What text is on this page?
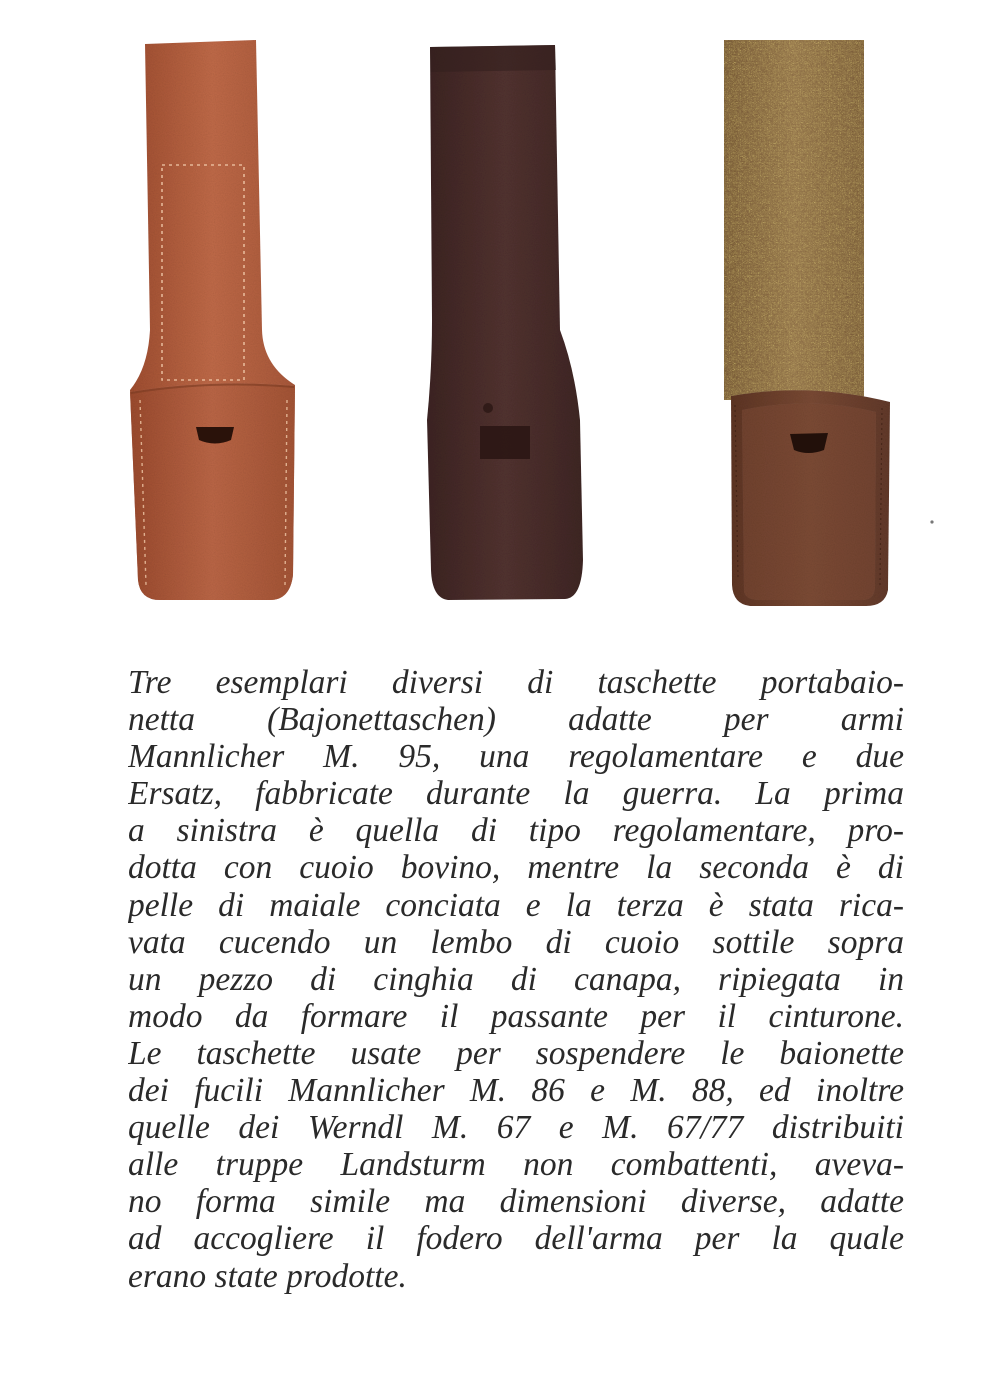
Tre esemplari diversi di taschette portabaio-
netta (Bajonettaschen) adatte per armi
Mannlicher M. 95, una regolamentare e due
Ersatz, fabbricate durante la guerra. La prima
a sinistra è quella di tipo regolamentare, pro-
dotta con cuoio bovino, mentre la seconda è di
pelle di maiale conciata e la terza è stata rica-
vata cucendo un lembo di cuoio sottile sopra
un pezzo di cinghia di canapa, ripiegata in
modo da formare il passante per il cinturone.
Le taschette usate per sospendere le baionette
dei fucili Mannlicher M. 86 e M. 88, ed inoltre
quelle dei Werndl M. 67 e M. 67/77 distribuiti
alle truppe Landsturm non combattenti, aveva-
no forma simile ma dimensioni diverse, adatte
ad accogliere il fodero dell'arma per la quale
erano state prodotte.
